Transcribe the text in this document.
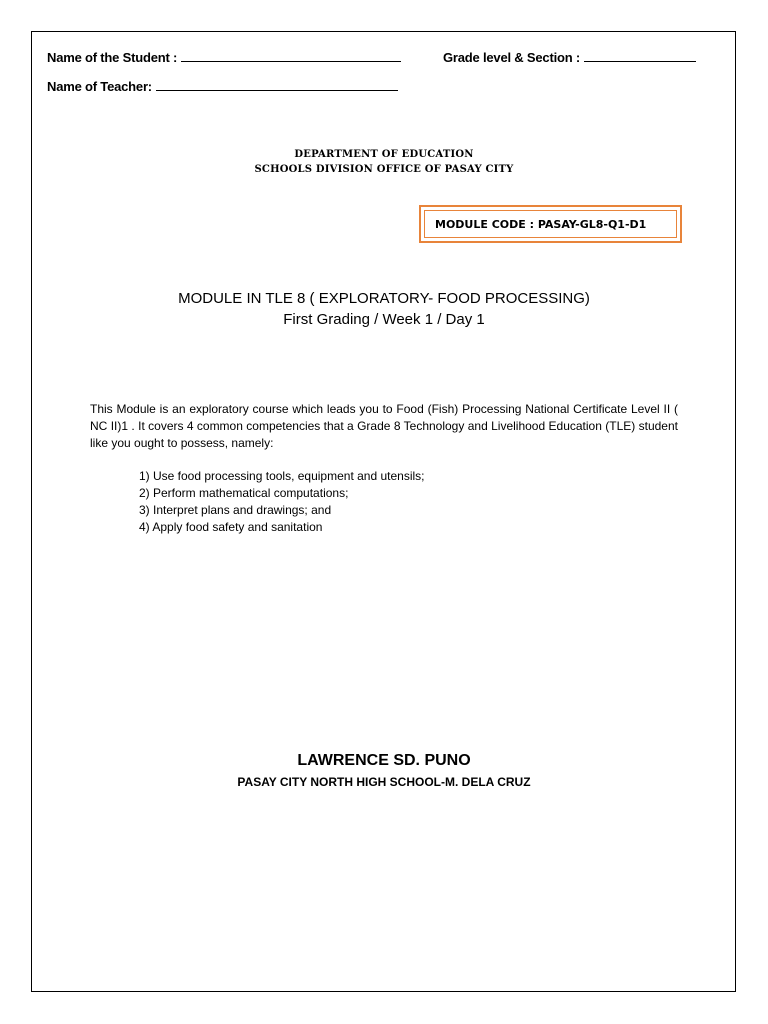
Name of the Student :	Grade level & Section :
Name of Teacher:
DEPARTMENT OF EDUCATION
SCHOOLS DIVISION OFFICE OF PASAY CITY
MODULE CODE : PASAY-GL8-Q1-D1
MODULE IN TLE 8 ( EXPLORATORY- FOOD PROCESSING)
First Grading / Week 1 / Day 1
This Module is an exploratory course which leads you to Food (Fish) Processing National Certificate Level II ( NC II)1 . It covers 4 common competencies that a Grade 8 Technology and Livelihood Education (TLE) student like you ought to possess, namely:
1) Use food processing tools, equipment and utensils;
2) Perform mathematical computations;
3) Interpret plans and drawings; and
4) Apply food safety and sanitation
LAWRENCE SD. PUNO
PASAY CITY NORTH HIGH SCHOOL-M. DELA CRUZ
